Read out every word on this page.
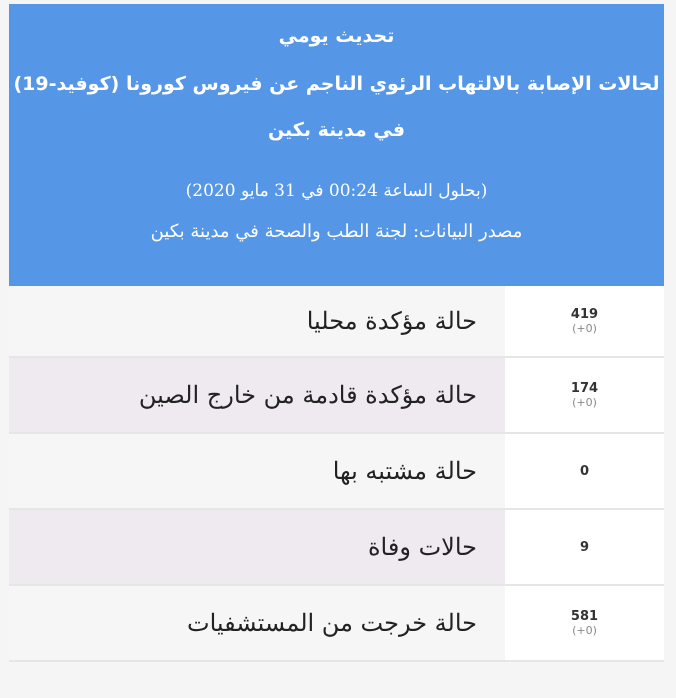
تحديث يومي
لحالات الإصابة بالالتهاب الرئوي الناجم عن فيروس كورونا (كوفيد-19)
في مدينة بكين
(بحلول الساعة 00:24 في 31 مايو 2020)
مصدر البيانات: لجنة الطب والصحة في مدينة بكين
حالة مؤكدة محليا	419
(+0)
حالة مؤكدة قادمة من خارج الصين	174
(+0)
حالة مشتبه بها	0
حالات وفاة	9
حالة خرجت من المستشفيات	581
(+0)
